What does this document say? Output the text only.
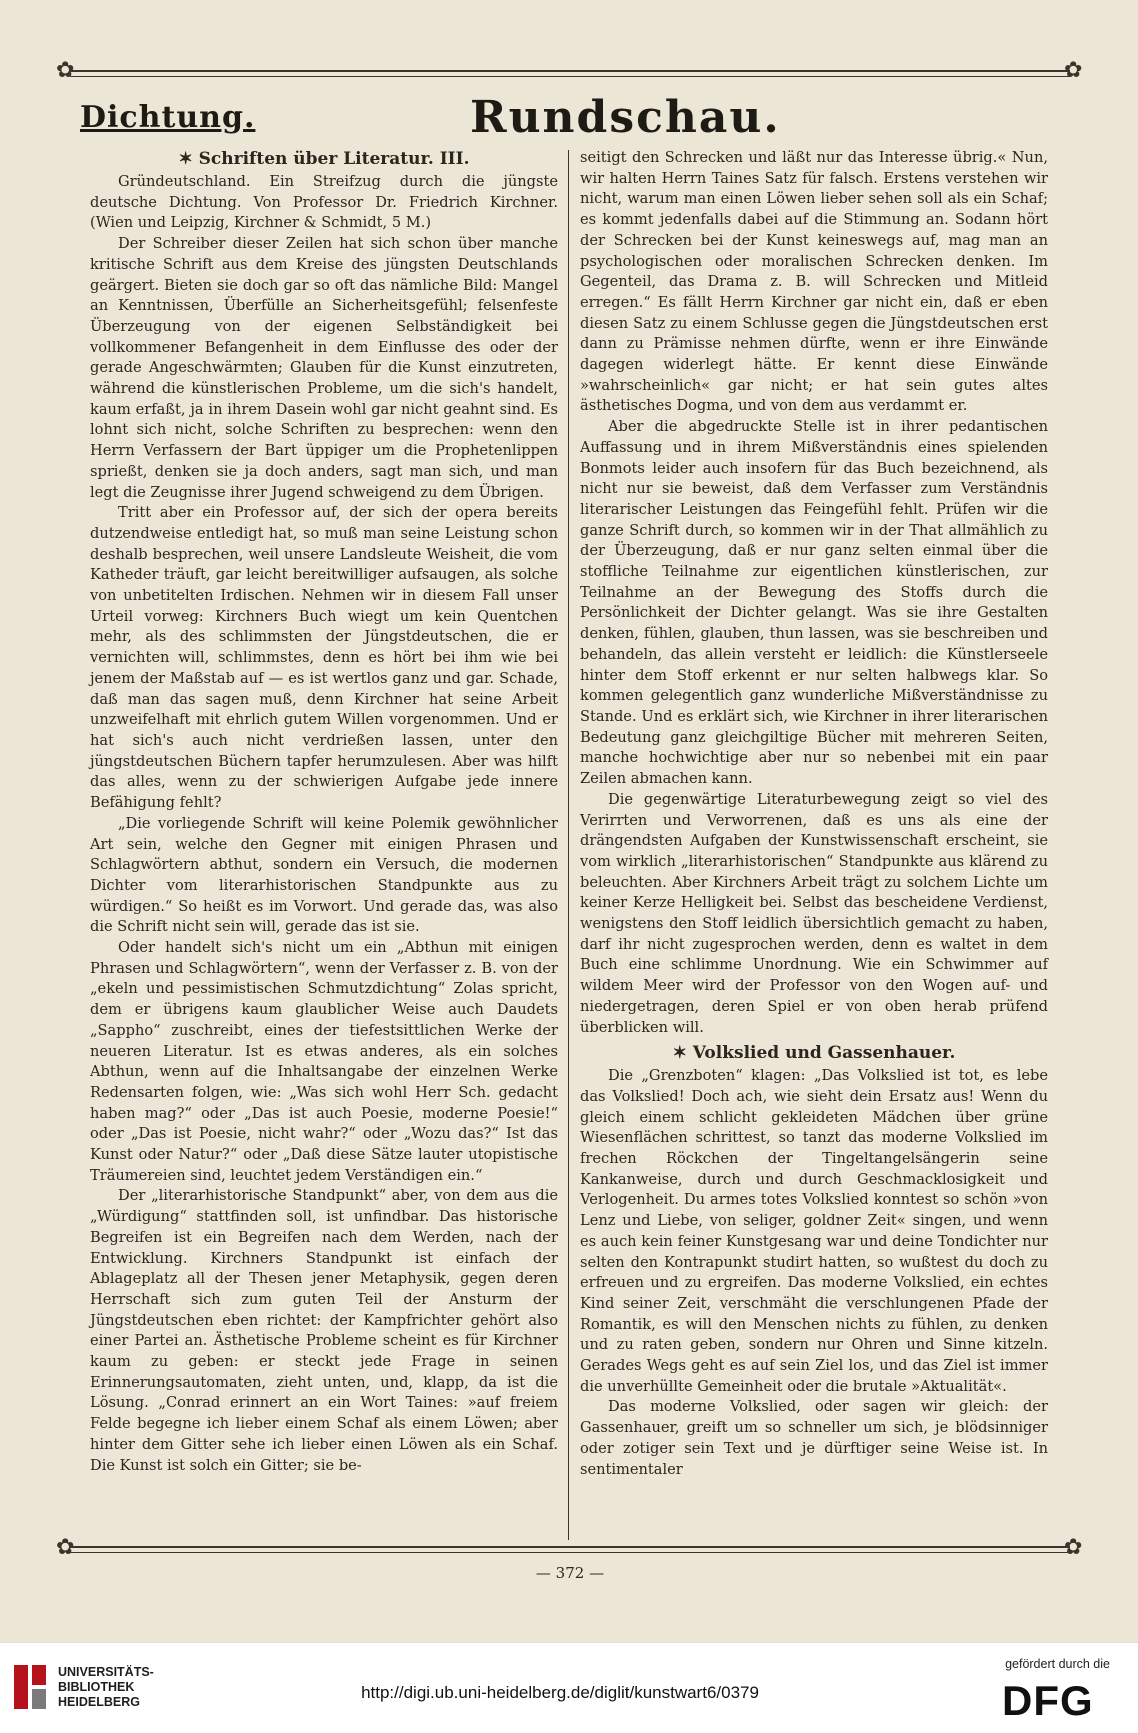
✿	✿
✿	✿
Dichtung.	Rundschau.
✶ Schriften über Literatur. III.

Gründeutschland. Ein Streifzug durch die jüngste deutsche Dichtung. Von Professor Dr. Friedrich Kirchner. (Wien und Leipzig, Kirchner & Schmidt, 5 M.)

Der Schreiber dieser Zeilen hat sich schon über manche kritische Schrift aus dem Kreise des jüngsten Deutschlands geärgert. Bieten sie doch gar so oft das nämliche Bild: Mangel an Kenntnissen, Überfülle an Sicherheitsgefühl; felsenfeste Überzeugung von der eigenen Selbständigkeit bei vollkommener Befangenheit in dem Einflusse des oder der gerade Angeschwärmten; Glauben für die Kunst einzutreten, während die künstlerischen Probleme, um die sich's handelt, kaum erfaßt, ja in ihrem Dasein wohl gar nicht geahnt sind. Es lohnt sich nicht, solche Schriften zu besprechen: wenn den Herrn Verfassern der Bart üppiger um die Prophetenlippen sprießt, denken sie ja doch anders, sagt man sich, und man legt die Zeugnisse ihrer Jugend schweigend zu dem Übrigen.

Tritt aber ein Professor auf, der sich der opera bereits dutzendweise entledigt hat, so muß man seine Leistung schon deshalb besprechen, weil unsere Landsleute Weisheit, die vom Katheder träuft, gar leicht bereitwilliger aufsaugen, als solche von unbetitelten Irdischen. Nehmen wir in diesem Fall unser Urteil vorweg: Kirchners Buch wiegt um kein Quentchen mehr, als des schlimmsten der Jüngstdeutschen, die er vernichten will, schlimmstes, denn es hört bei ihm wie bei jenem der Maßstab auf — es ist wertlos ganz und gar. Schade, daß man das sagen muß, denn Kirchner hat seine Arbeit unzweifelhaft mit ehrlich gutem Willen vorgenommen. Und er hat sich's auch nicht verdrießen lassen, unter den jüngstdeutschen Büchern tapfer herumzulesen. Aber was hilft das alles, wenn zu der schwierigen Aufgabe jede innere Befähigung fehlt?

„Die vorliegende Schrift will keine Polemik gewöhnlicher Art sein, welche den Gegner mit einigen Phrasen und Schlagwörtern abthut, sondern ein Versuch, die modernen Dichter vom literarhistorischen Standpunkte aus zu würdigen.“ So heißt es im Vorwort. Und gerade das, was also die Schrift nicht sein will, gerade das ist sie.

Oder handelt sich's nicht um ein „Abthun mit einigen Phrasen und Schlagwörtern“, wenn der Verfasser z. B. von der „ekeln und pessimistischen Schmutzdichtung“ Zolas spricht, dem er übrigens kaum glaublicher Weise auch Daudets „Sappho“ zuschreibt, eines der tiefestsittlichen Werke der neueren Literatur. Ist es etwas anderes, als ein solches Abthun, wenn auf die Inhaltsangabe der einzelnen Werke Redensarten folgen, wie: „Was sich wohl Herr Sch. gedacht haben mag?“ oder „Das ist auch Poesie, moderne Poesie!“ oder „Das ist Poesie, nicht wahr?“ oder „Wozu das?“ Ist das Kunst oder Natur?“ oder „Daß diese Sätze lauter utopistische Träumereien sind, leuchtet jedem Verständigen ein.“

Der „literarhistorische Standpunkt“ aber, von dem aus die „Würdigung“ stattfinden soll, ist unfindbar. Das historische Begreifen ist ein Begreifen nach dem Werden, nach der Entwicklung. Kirchners Standpunkt ist einfach der Ablageplatz all der Thesen jener Metaphysik, gegen deren Herrschaft sich zum guten Teil der Ansturm der Jüngstdeutschen eben richtet: der Kampfrichter gehört also einer Partei an. Ästhetische Probleme scheint es für Kirchner kaum zu geben: er steckt jede Frage in seinen Erinnerungsautomaten, zieht unten, und, klapp, da ist die Lösung. „Conrad erinnert an ein Wort Taines: »auf freiem Felde begegne ich lieber einem Schaf als einem Löwen; aber hinter dem Gitter sehe ich lieber einen Löwen als ein Schaf. Die Kunst ist solch ein Gitter; sie be-

seitigt den Schrecken und läßt nur das Interesse übrig.« Nun, wir halten Herrn Taines Satz für falsch. Erstens verstehen wir nicht, warum man einen Löwen lieber sehen soll als ein Schaf; es kommt jedenfalls dabei auf die Stimmung an. Sodann hört der Schrecken bei der Kunst keineswegs auf, mag man an psychologischen oder moralischen Schrecken denken. Im Gegenteil, das Drama z. B. will Schrecken und Mitleid erregen.“ Es fällt Herrn Kirchner gar nicht ein, daß er eben diesen Satz zu einem Schlusse gegen die Jüngstdeutschen erst dann zu Prämisse nehmen dürfte, wenn er ihre Einwände dagegen widerlegt hätte. Er kennt diese Einwände »wahrscheinlich« gar nicht; er hat sein gutes altes ästhetisches Dogma, und von dem aus verdammt er.

Aber die abgedruckte Stelle ist in ihrer pedantischen Auffassung und in ihrem Mißverständnis eines spielenden Bonmots leider auch insofern für das Buch bezeichnend, als nicht nur sie beweist, daß dem Verfasser zum Verständnis literarischer Leistungen das Feingefühl fehlt. Prüfen wir die ganze Schrift durch, so kommen wir in der That allmählich zu der Überzeugung, daß er nur ganz selten einmal über die stoffliche Teilnahme zur eigentlichen künstlerischen, zur Teilnahme an der Bewegung des Stoffs durch die Persönlichkeit der Dichter gelangt. Was sie ihre Gestalten denken, fühlen, glauben, thun lassen, was sie beschreiben und behandeln, das allein versteht er leidlich: die Künstlerseele hinter dem Stoff erkennt er nur selten halbwegs klar. So kommen gelegentlich ganz wunderliche Mißverständnisse zu Stande. Und es erklärt sich, wie Kirchner in ihrer literarischen Bedeutung ganz gleichgiltige Bücher mit mehreren Seiten, manche hochwichtige aber nur so nebenbei mit ein paar Zeilen abmachen kann.

Die gegenwärtige Literaturbewegung zeigt so viel des Verirrten und Verworrenen, daß es uns als eine der drängendsten Aufgaben der Kunstwissenschaft erscheint, sie vom wirklich „literarhistorischen“ Standpunkte aus klärend zu beleuchten. Aber Kirchners Arbeit trägt zu solchem Lichte um keiner Kerze Helligkeit bei. Selbst das bescheidene Verdienst, wenigstens den Stoff leidlich übersichtlich gemacht zu haben, darf ihr nicht zugesprochen werden, denn es waltet in dem Buch eine schlimme Unordnung. Wie ein Schwimmer auf wildem Meer wird der Professor von den Wogen auf- und niedergetragen, deren Spiel er von oben herab prüfend überblicken will.

✶ Volkslied und Gassenhauer.

Die „Grenzboten“ klagen: „Das Volkslied ist tot, es lebe das Volkslied! Doch ach, wie sieht dein Ersatz aus! Wenn du gleich einem schlicht gekleideten Mädchen über grüne Wiesenflächen schrittest, so tanzt das moderne Volkslied im frechen Röckchen der Tingeltangelsängerin seine Kankanweise, durch und durch Geschmacklosigkeit und Verlogenheit. Du armes totes Volkslied konntest so schön »von Lenz und Liebe, von seliger, goldner Zeit« singen, und wenn es auch kein feiner Kunstgesang war und deine Tondichter nur selten den Kontrapunkt studirt hatten, so wußtest du doch zu erfreuen und zu ergreifen. Das moderne Volkslied, ein echtes Kind seiner Zeit, verschmäht die verschlungenen Pfade der Romantik, es will den Menschen nichts zu fühlen, zu denken und zu raten geben, sondern nur Ohren und Sinne kitzeln. Gerades Wegs geht es auf sein Ziel los, und das Ziel ist immer die unverhüllte Gemeinheit oder die brutale »Aktualität«.

Das moderne Volkslied, oder sagen wir gleich: der Gassenhauer, greift um so schneller um sich, je blödsinniger oder zotiger sein Text und je dürftiger seine Weise ist. In sentimentaler

— 372 —
UNIVERSITÄTS-
BIBLIOTHEK
HEIDELBERG	http://digi.ub.uni-heidelberg.de/diglit/kunstwart6/0379
gefördert durch die
DFG
